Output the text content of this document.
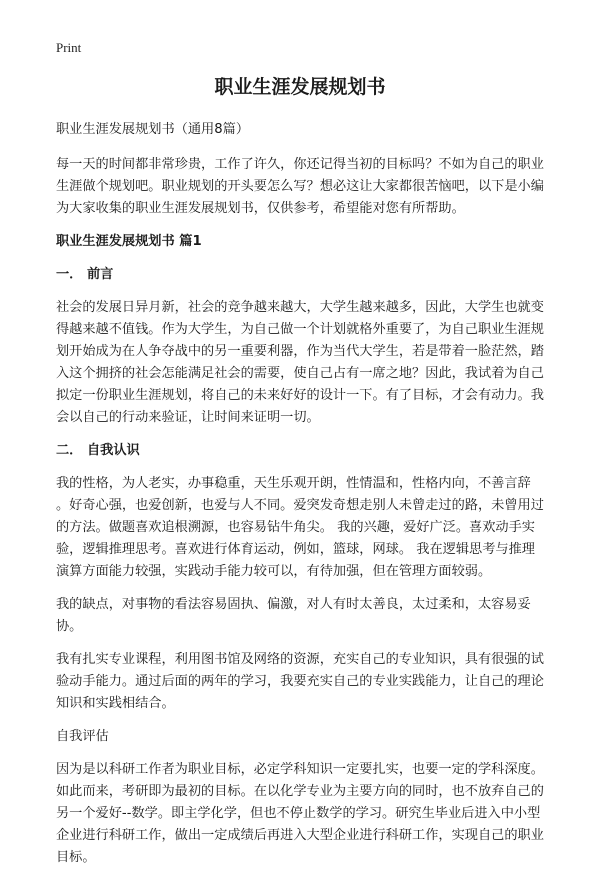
Print
职业生涯发展规划书
职业生涯发展规划书（通用8篇）
每一天的时间都非常珍贵，工作了许久，你还记得当初的目标吗？不如为自己的职业生涯做个规划吧。职业规划的开头要怎么写？想必这让大家都很苦恼吧，以下是小编为大家收集的职业生涯发展规划书，仅供参考，希望能对您有所帮助。
职业生涯发展规划书 篇1
一． 前言
社会的发展日异月新，社会的竞争越来越大，大学生越来越多，因此，大学生也就变得越来越不值钱。作为大学生，为自己做一个计划就格外重要了，为自己职业生涯规划开始成为在人争夺战中的另一重要利器，作为当代大学生，若是带着一脸茫然，踏入这个拥挤的社会怎能满足社会的需要，使自己占有一席之地？因此，我试着为自己拟定一份职业生涯规划，将自己的未来好好的设计一下。有了目标，才会有动力。我会以自己的行动来验证，让时间来证明一切。
二． 自我认识
我的性格，为人老实，办事稳重，天生乐观开朗，性情温和，性格内向，不善言辞 。好奇心强，也爱创新，也爱与人不同。爱突发奇想走别人未曾走过的路，未曾用过的方法。做题喜欢追根溯源，也容易钻牛角尖。 我的兴趣，爱好广泛。喜欢动手实验，逻辑推理思考。喜欢进行体育运动，例如，篮球，网球。 我在逻辑思考与推理演算方面能力较强，实践动手能力较可以，有待加强，但在管理方面较弱。
我的缺点，对事物的看法容易固执、偏激，对人有时太善良，太过柔和，太容易妥协。
我有扎实专业课程，利用图书馆及网络的资源，充实自己的专业知识，具有很强的试验动手能力。通过后面的两年的学习，我要充实自己的专业实践能力，让自己的理论知识和实践相结合。
自我评估
因为是以科研工作者为职业目标，必定学科知识一定要扎实，也要一定的学科深度。如此而来，考研即为最初的目标。在以化学专业为主要方向的同时，也不放弃自己的另一个爱好--数学。即主学化学，但也不停止数学的学习。研究生毕业后进入中小型企业进行科研工作，做出一定成绩后再进入大型企业进行科研工作，实现自己的职业目标。
